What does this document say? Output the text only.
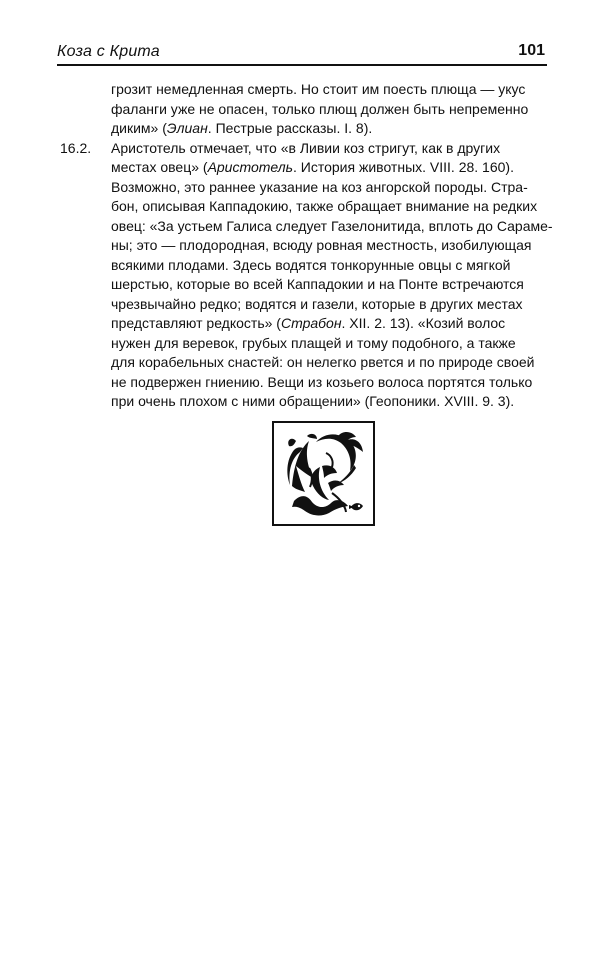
Коза с Крита	101
грозит немедленная смерть. Но стоит им поесть плюща — укус
фаланги уже не опасен, только плющ должен быть непременно
диким» (Элиан. Пестрые рассказы. I. 8).
16.2.	Аристотель отмечает, что «в Ливии коз стригут, как в других
местах овец» (Аристотель. История животных. VIII. 28. 160).
Возможно, это раннее указание на коз ангорской породы. Стра-
бон, описывая Каппадокию, также обращает внимание на редких
овец: «За устьем Галиса следует Газелонитида, вплоть до Сараме-
ны; это — плодородная, всюду ровная местность, изобилующая
всякими плодами. Здесь водятся тонкорунные овцы с мягкой
шерстью, которые во всей Каппадокии и на Понте встречаются
чрезвычайно редко; водятся и газели, которые в других местах
представляют редкость» (Страбон. XII. 2. 13). «Козий волос
нужен для веревок, грубых плащей и тому подобного, а также
для корабельных снастей: он нелегко рвется и по природе своей
не подвержен гниению. Вещи из козьего волоса портятся только
при очень плохом с ними обращении» (Геопоники. XVIII. 9. 3).
